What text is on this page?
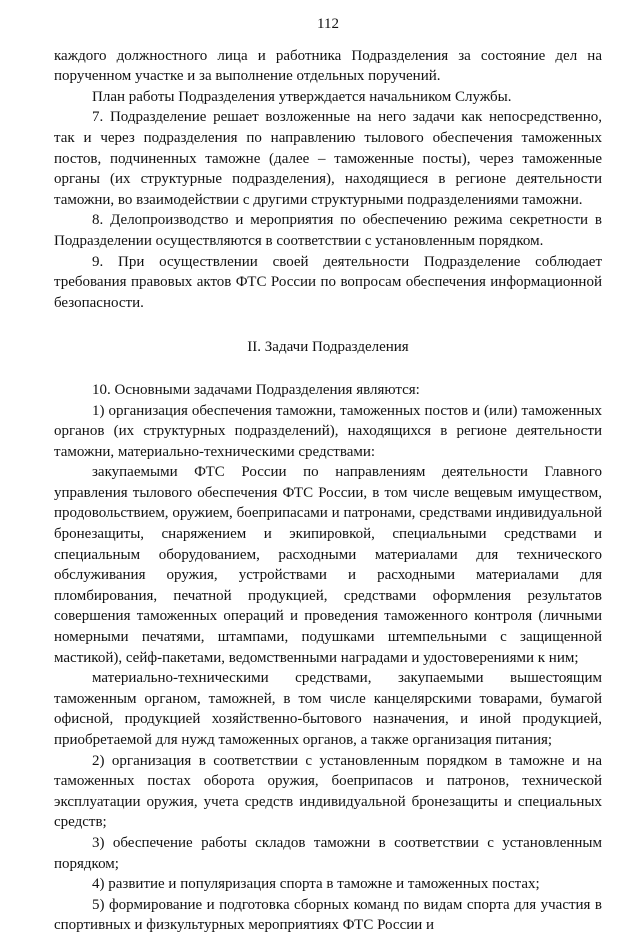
112

каждого должностного лица и работника Подразделения за состояние дел на порученном участке и за выполнение отдельных поручений.

План работы Подразделения утверждается начальником Службы.

7. Подразделение решает возложенные на него задачи как непосредственно, так и через подразделения по направлению тылового обеспечения таможенных постов, подчиненных таможне (далее – таможенные посты), через таможенные органы (их структурные подразделения), находящиеся в регионе деятельности таможни, во взаимодействии с другими структурными подразделениями таможни.

8. Делопроизводство и мероприятия по обеспечению режима секретности в Подразделении осуществляются в соответствии с установленным порядком.

9. При осуществлении своей деятельности Подразделение соблюдает требования правовых актов ФТС России по вопросам обеспечения информационной безопасности.

II. Задачи Подразделения

10. Основными задачами Подразделения являются:

1) организация обеспечения таможни, таможенных постов и (или) таможенных органов (их структурных подразделений), находящихся в регионе деятельности таможни, материально-техническими средствами:

закупаемыми ФТС России по направлениям деятельности Главного управления тылового обеспечения ФТС России, в том числе вещевым имуществом, продовольствием, оружием, боеприпасами и патронами, средствами индивидуальной бронезащиты, снаряжением и экипировкой, специальными средствами и специальным оборудованием, расходными материалами для технического обслуживания оружия, устройствами и расходными материалами для пломбирования, печатной продукцией, средствами оформления результатов совершения таможенных операций и проведения таможенного контроля (личными номерными печатями, штампами, подушками штемпельными с защищенной мастикой), сейф-пакетами, ведомственными наградами и удостоверениями к ним;

материально-техническими средствами, закупаемыми вышестоящим таможенным органом, таможней, в том числе канцелярскими товарами, бумагой офисной, продукцией хозяйственно-бытового назначения, и иной продукцией, приобретаемой для нужд таможенных органов, а также организация питания;

2) организация в соответствии с установленным порядком в таможне и на таможенных постах оборота оружия, боеприпасов и патронов, технической эксплуатации оружия, учета средств индивидуальной бронезащиты и специальных средств;

3) обеспечение работы складов таможни в соответствии с установленным порядком;

4) развитие и популяризация спорта в таможне и таможенных постах;

5) формирование и подготовка сборных команд по видам спорта для участия в спортивных и физкультурных мероприятиях ФТС России и
